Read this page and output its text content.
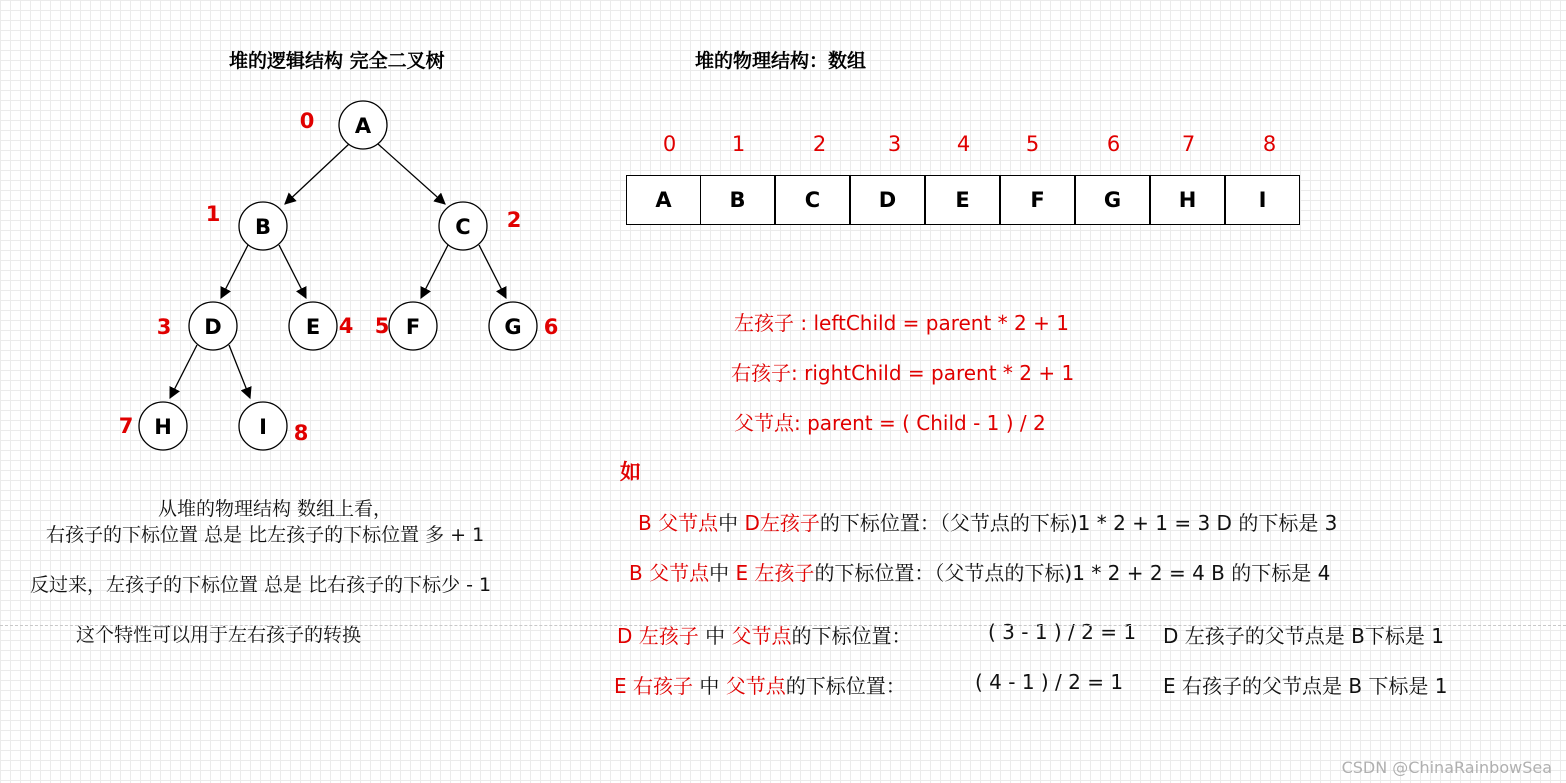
堆的逻辑结构 完全二叉树	堆的物理结构：数组
A
B	C
D	E	F	G
H	I
0
1	2
3	4 5	6
7	8
0	1	2	3	4	5	6	7	8
A	B	C	D	E	F	G	H	I
左孩子 : leftChild = parent * 2 + 1
右孩子: rightChild = parent * 2 + 1
父节点: parent = ( Child - 1 ) / 2
如
B 父节点中 D左孩子的下标位置：（父节点的下标)1 * 2 + 1 = 3 D 的下标是 3
B 父节点中 E 左孩子的下标位置：（父节点的下标)1 * 2 + 2 = 4 B 的下标是 4
D 左孩子 中 父节点的下标位置：	( 3 - 1 ) / 2 = 1 D 左孩子的父节点是 B下标是 1
E 右孩子 中 父节点的下标位置：	( 4 - 1 ) / 2 = 1 E 右孩子的父节点是 B 下标是 1
从堆的物理结构 数组上看，
右孩子的下标位置 总是 比左孩子的下标位置 多 + 1
反过来，左孩子的下标位置 总是 比右孩子的下标少 - 1
这个特性可以用于左右孩子的转换
CSDN @ChinaRainbowSea
